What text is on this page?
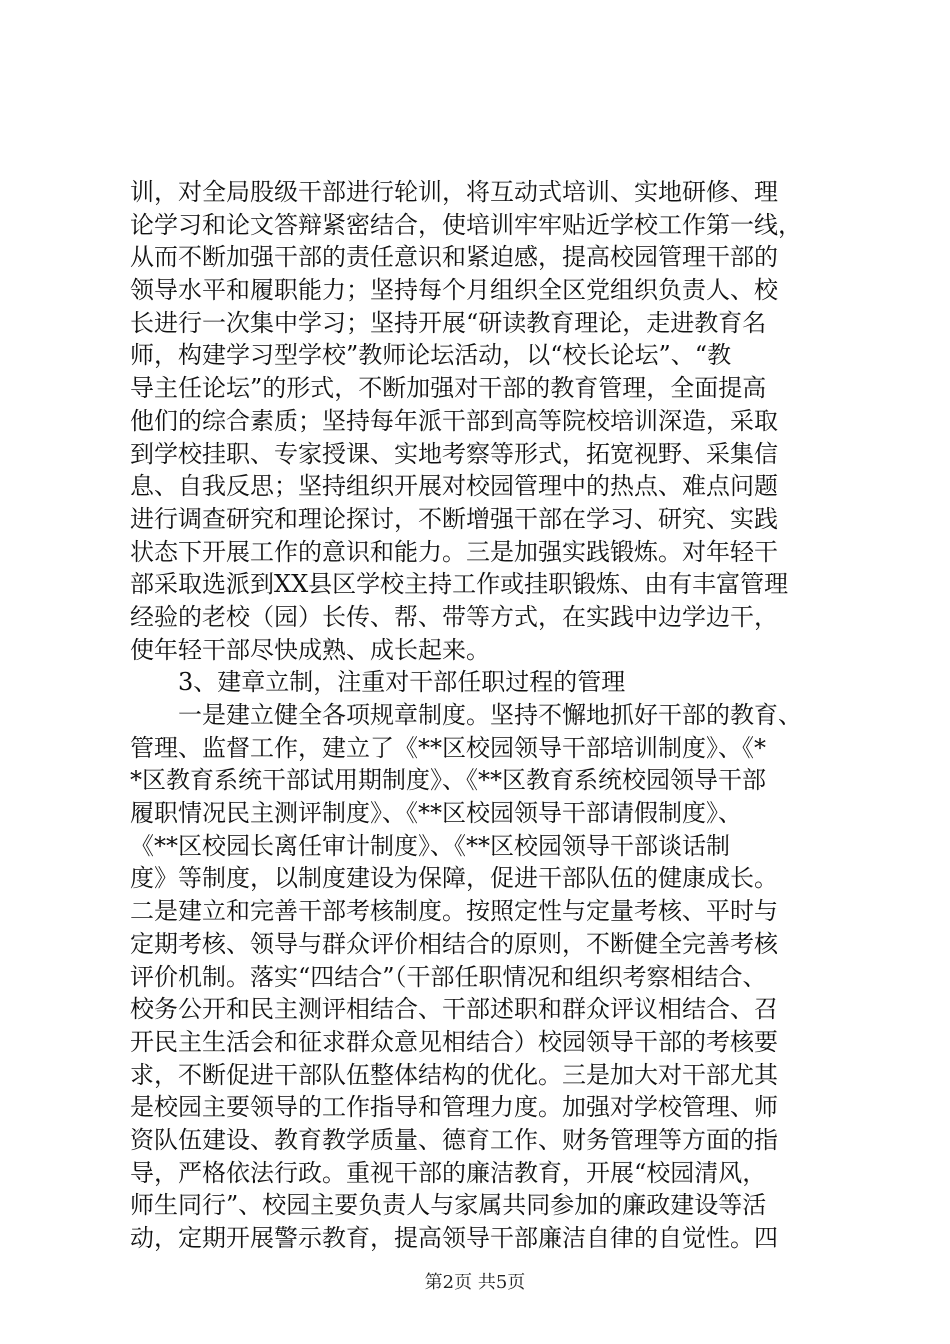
训，对全局股级干部进行轮训，将互动式培训、实地研修、理
论学习和论文答辩紧密结合，使培训牢牢贴近学校工作第一线，
从而不断加强干部的责任意识和紧迫感，提高校园管理干部的
领导水平和履职能力；坚持每个月组织全区党组织负责人、校
长进行一次集中学习；坚持开展“研读教育理论，走进教育名
师，构建学习型学校”教师论坛活动，以“校长论坛”、“教
导主任论坛”的形式，不断加强对干部的教育管理，全面提高
他们的综合素质；坚持每年派干部到高等院校培训深造，采取
到学校挂职、专家授课、实地考察等形式，拓宽视野、采集信
息、自我反思；坚持组织开展对校园管理中的热点、难点问题
进行调查研究和理论探讨，不断增强干部在学习、研究、实践
状态下开展工作的意识和能力。三是加强实践锻炼。对年轻干
部采取选派到XX县区学校主持工作或挂职锻炼、由有丰富管理
经验的老校（园）长传、帮、带等方式，在实践中边学边干，
使年轻干部尽快成熟、成长起来。
3、建章立制，注重对干部任职过程的管理
一是建立健全各项规章制度。坚持不懈地抓好干部的教育、
管理、监督工作，建立了《**区校园领导干部培训制度》、《*
*区教育系统干部试用期制度》、《**区教育系统校园领导干部
履职情况民主测评制度》、《**区校园领导干部请假制度》、
《**区校园长离任审计制度》、《**区校园领导干部谈话制
度》等制度，以制度建设为保障，促进干部队伍的健康成长。
二是建立和完善干部考核制度。按照定性与定量考核、平时与
定期考核、领导与群众评价相结合的原则，不断健全完善考核
评价机制。落实“四结合”（干部任职情况和组织考察相结合、
校务公开和民主测评相结合、干部述职和群众评议相结合、召
开民主生活会和征求群众意见相结合）校园领导干部的考核要
求，不断促进干部队伍整体结构的优化。三是加大对干部尤其
是校园主要领导的工作指导和管理力度。加强对学校管理、师
资队伍建设、教育教学质量、德育工作、财务管理等方面的指
导，严格依法行政。重视干部的廉洁教育，开展“校园清风，
师生同行”、校园主要负责人与家属共同参加的廉政建设等活
动，定期开展警示教育，提高领导干部廉洁自律的自觉性。四
第2页 共5页
